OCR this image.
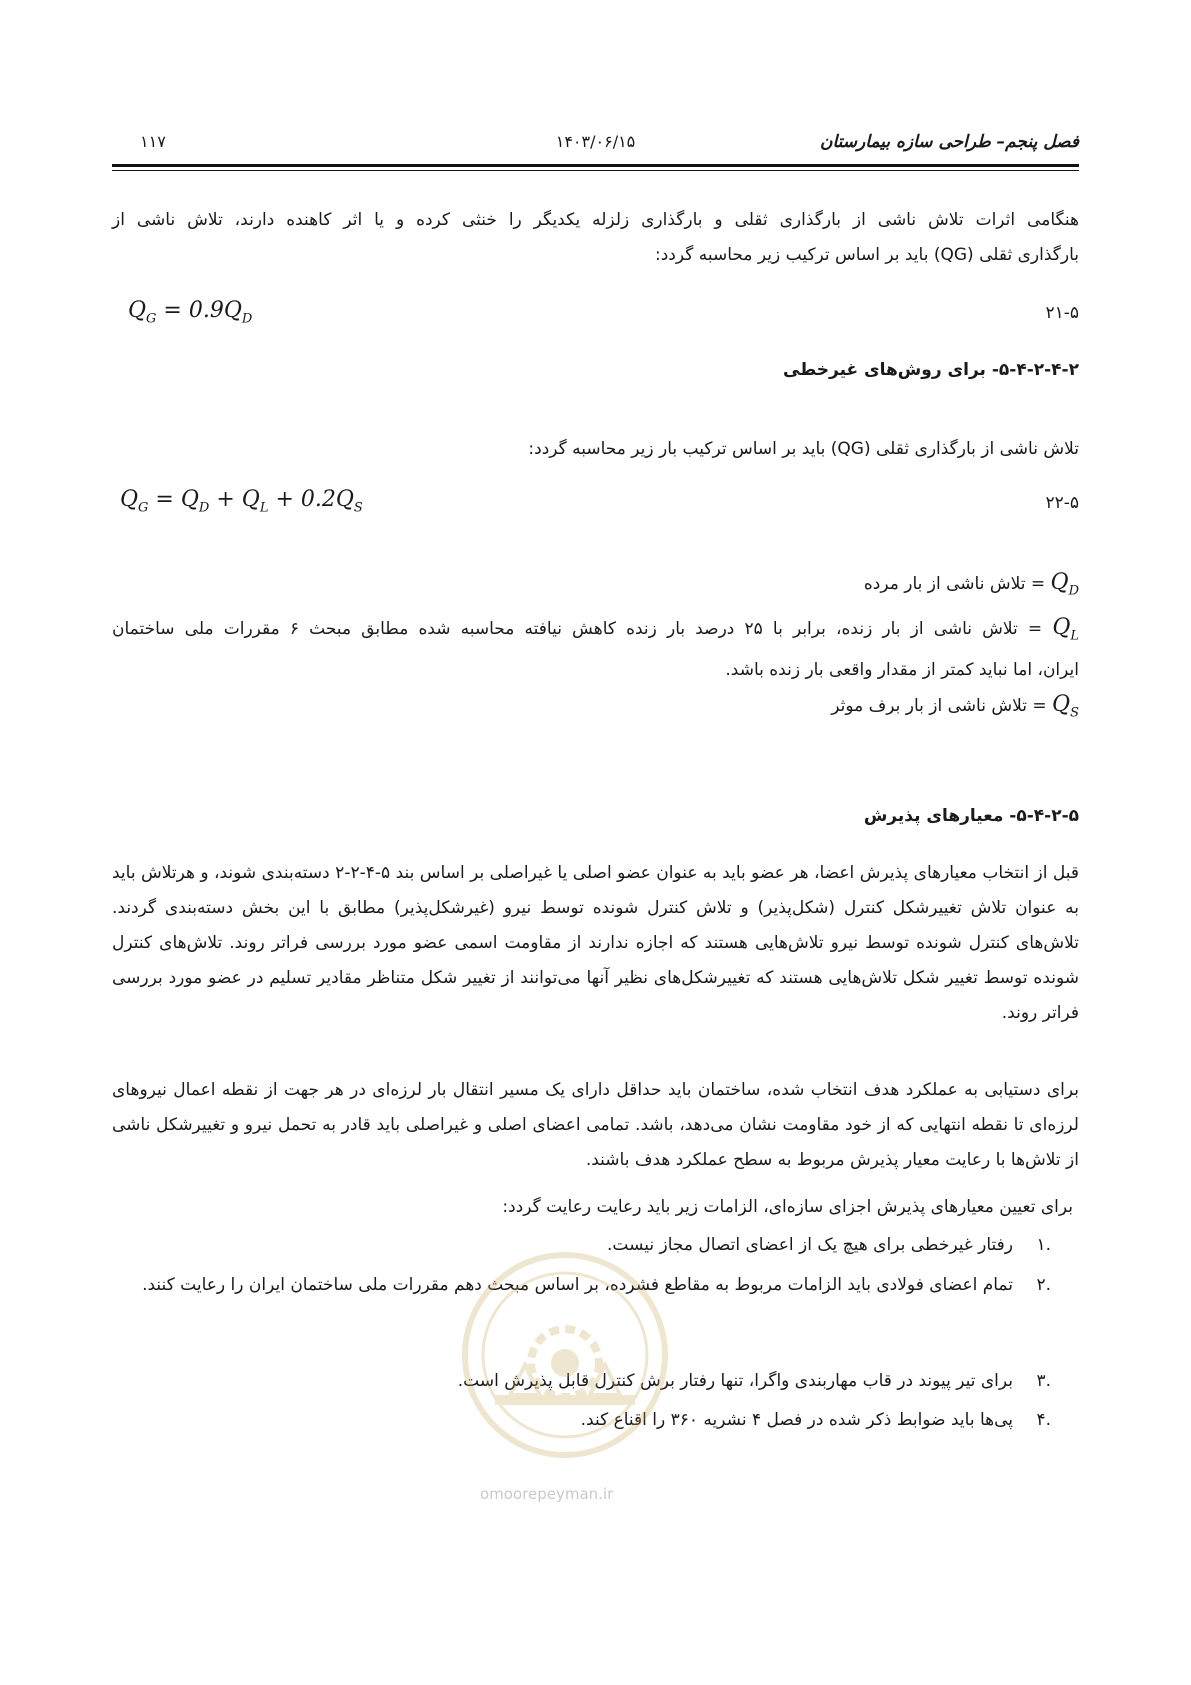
فصل پنجم– طراحی سازه بیمارستان
۱۴۰۳/۰۶/۱۵
۱۱۷
هنگامی اثرات تلاش ناشی از بارگذاری ثقلی و بارگذاری زلزله یکدیگر را خنثی کرده و یا اثر کاهنده دارند، تلاش ناشی از
بارگذاری ثقلی (QG) باید بر اساس ترکیب زیر محاسبه گردد:
$Q_G = 0.9Q_D$	۲۱-۵
۵-۴-۲-۴-۲- برای روش‌های غیرخطی
تلاش ناشی از بارگذاری ثقلی (QG) باید بر اساس ترکیب بار زیر محاسبه گردد:
$Q_G = Q_D + Q_L + 0.2Q_S$	۲۲-۵
$Q_D$ = تلاش ناشی از بار مرده
$Q_L$ = تلاش ناشی از بار زنده، برابر با ۲۵ درصد بار زنده کاهش نیافته محاسبه شده مطابق مبحث ۶ مقررات ملی ساختمان
ایران، اما نباید کمتر از مقدار واقعی بار زنده باشد.
$Q_S$ = تلاش ناشی از بار برف موثر
۵-۴-۲-۵- معیارهای پذیرش
قبل از انتخاب معیارهای پذیرش اعضا، هر عضو باید به عنوان عضو اصلی یا غیراصلی بر اساس بند ۵-۴-۲-۲ دسته‌بندی شوند، و هرتلاش باید به عنوان تلاش تغییرشکل کنترل (شکل‌پذیر) و تلاش کنترل شونده توسط نیرو (غیرشکل‌پذیر) مطابق با این بخش دسته‌بندی گردند. تلاش‌های کنترل شونده توسط نیرو تلاش‌هایی هستند که اجازه ندارند از مقاومت اسمی عضو مورد بررسی فراتر روند. تلاش‌های کنترل شونده توسط تغییر شکل تلاش‌هایی هستند که تغییرشکل‌های نظیر آنها می‌توانند از تغییر شکل متناظر مقادیر تسلیم در عضو مورد بررسی فراتر روند.
برای دستیابی به عملکرد هدف انتخاب شده، ساختمان باید حداقل دارای یک مسیر انتقال بار لرزه‌ای در هر جهت از نقطه اعمال نیروهای لرزه‌ای تا نقطه انتهایی که از خود مقاومت نشان می‌دهد، باشد. تمامی اعضای اصلی و غیراصلی باید قادر به تحمل نیرو و تغییرشکل ناشی از تلاش‌ها با رعایت معیار پذیرش مربوط به سطح عملکرد هدف باشند.
برای تعیین معیارهای پذیرش اجزای سازه‌ای، الزامات زیر باید رعایت رعایت گردد:
.۱
رفتار غیرخطی برای هیچ یک از اعضای اتصال مجاز نیست.
.۲
تمام اعضای فولادی باید الزامات مربوط به مقاطع فشرده، بر اساس مبحث دهم مقررات ملی ساختمان ایران را رعایت کنند.
.۳
برای تیر پیوند در قاب مهاربندی واگرا، تنها رفتار برش کنترل قابل پذیرش است.
.۴
پی‌ها باید ضوابط ذکر شده در فصل ۴ نشریه ۳۶۰ را اقناع کند.
omoorepeyman.ir
